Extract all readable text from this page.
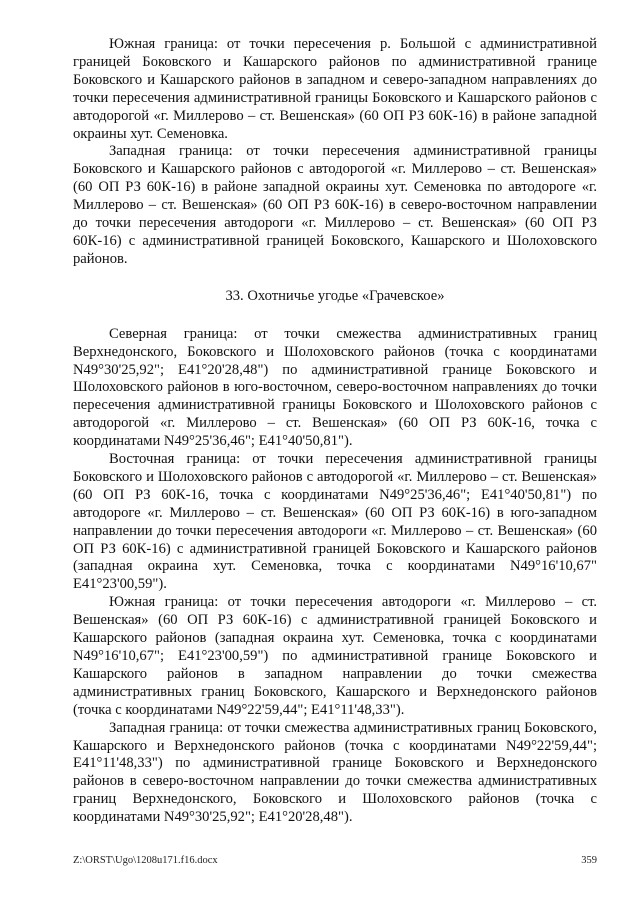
Южная граница: от точки пересечения р. Большой с административной границей Боковского и Кашарского районов по административной границе Боковского и Кашарского районов в западном и северо-западном направлениях до точки пересечения административной границы Боковского и Кашарского районов с автодорогой «г. Миллерово – ст. Вешенская» (60 ОП РЗ 60К-16) в районе западной окраины хут. Семеновка.

Западная граница: от точки пересечения административной границы Боковского и Кашарского районов с автодорогой «г. Миллерово – ст. Вешенская» (60 ОП РЗ 60К-16) в районе западной окраины хут. Семеновка по автодороге «г. Миллерово – ст. Вешенская» (60 ОП РЗ 60К-16) в северо-восточном направлении до точки пересечения автодороги «г. Миллерово – ст. Вешенская» (60 ОП РЗ 60К-16) с административной границей Боковского, Кашарского и Шолоховского районов.

33. Охотничье угодье «Грачевское»

Северная граница: от точки смежества административных границ Верхнедонского, Боковского и Шолоховского районов (точка с координатами N49°30'25,92"; E41°20'28,48") по административной границе Боковского и Шолоховского районов в юго-восточном, северо-восточном направлениях до точки пересечения административной границы Боковского и Шолоховского районов с автодорогой «г. Миллерово – ст. Вешенская» (60 ОП РЗ 60К-16, точка с координатами N49°25'36,46"; E41°40'50,81").

Восточная граница: от точки пересечения административной границы Боковского и Шолоховского районов с автодорогой «г. Миллерово – ст. Вешенская» (60 ОП РЗ 60К-16, точка с координатами N49°25'36,46"; E41°40'50,81") по автодороге «г. Миллерово – ст. Вешенская» (60 ОП РЗ 60К-16) в юго-западном направлении до точки пересечения автодороги «г. Миллерово – ст. Вешенская» (60 ОП РЗ 60К-16) с административной границей Боковского и Кашарского районов (западная окраина хут. Семеновка, точка с координатами N49°16'10,67" E41°23'00,59").

Южная граница: от точки пересечения автодороги «г. Миллерово – ст. Вешенская» (60 ОП РЗ 60К-16) с административной границей Боковского и Кашарского районов (западная окраина хут. Семеновка, точка с координатами N49°16'10,67"; E41°23'00,59") по административной границе Боковского и Кашарского районов в западном направлении до точки смежества административных границ Боковского, Кашарского и Верхнедонского районов (точка с координатами N49°22'59,44"; E41°11'48,33").

Западная граница: от точки смежества административных границ Боковского, Кашарского и Верхнедонского районов (точка с координатами N49°22'59,44"; E41°11'48,33") по административной границе Боковского и Верхнедонского районов в северо-восточном направлении до точки смежества административных границ Верхнедонского, Боковского и Шолоховского районов (точка с координатами N49°30'25,92"; E41°20'28,48").

Z:\ORST\Ugo\1208u171.f16.docx	359
